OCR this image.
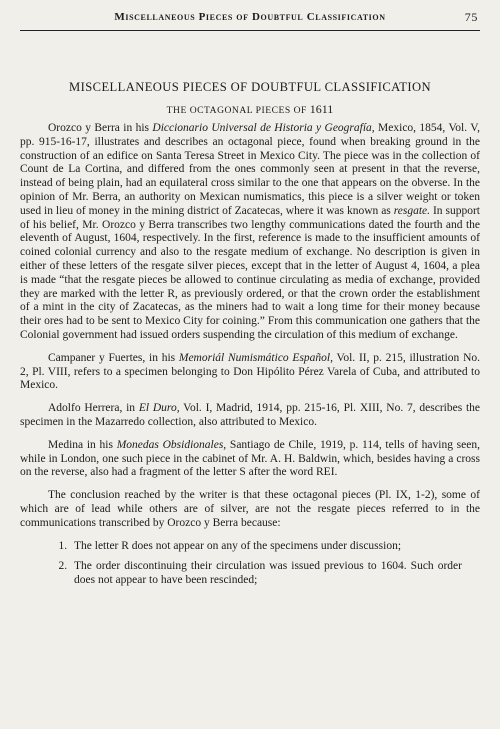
Miscellaneous Pieces of Doubtful Classification	75
MISCELLANEOUS PIECES OF DOUBTFUL CLASSIFICATION
THE OCTAGONAL PIECES OF 1611

Orozco y Berra in his Diccionario Universal de Historia y Geografía, Mexico, 1854, Vol. V, pp. 915-16-17, illustrates and describes an octagonal piece, found when breaking ground in the construction of an edifice on Santa Teresa Street in Mexico City. The piece was in the collection of Count de La Cortina, and differed from the ones commonly seen at present in that the reverse, instead of being plain, had an equilateral cross similar to the one that appears on the obverse. In the opinion of Mr. Berra, an authority on Mexican numismatics, this piece is a silver weight or token used in lieu of money in the mining district of Zacatecas, where it was known as resgate. In support of his belief, Mr. Orozco y Berra transcribes two lengthy communications dated the fourth and the eleventh of August, 1604, respectively. In the first, reference is made to the insufficient amounts of coined colonial currency and also to the resgate medium of exchange. No description is given in either of these letters of the resgate silver pieces, except that in the letter of August 4, 1604, a plea is made “that the resgate pieces be allowed to continue circulating as media of exchange, provided they are marked with the letter R, as previously ordered, or that the crown order the establishment of a mint in the city of Zacatecas, as the miners had to wait a long time for their money because their ores had to be sent to Mexico City for coining.” From this communication one gathers that the Colonial government had issued orders suspending the circulation of this medium of exchange.

Campaner y Fuertes, in his Memoriál Numismático Español, Vol. II, p. 215, illustration No. 2, Pl. VIII, refers to a specimen belonging to Don Hipólito Pérez Varela of Cuba, and attributed to Mexico.

Adolfo Herrera, in El Duro, Vol. I, Madrid, 1914, pp. 215-16, Pl. XIII, No. 7, describes the specimen in the Mazarredo collection, also attributed to Mexico.

Medina in his Monedas Obsidionales, Santiago de Chile, 1919, p. 114, tells of having seen, while in London, one such piece in the cabinet of Mr. A. H. Baldwin, which, besides having a cross on the reverse, also had a fragment of the letter S after the word REI.

The conclusion reached by the writer is that these octagonal pieces (Pl. IX, 1-2), some of which are of lead while others are of silver, are not the resgate pieces referred to in the communications transcribed by Orozco y Berra because:

1. The letter R does not appear on any of the specimens under discussion;
2. The order discontinuing their circulation was issued previous to 1604. Such order does not appear to have been rescinded;
